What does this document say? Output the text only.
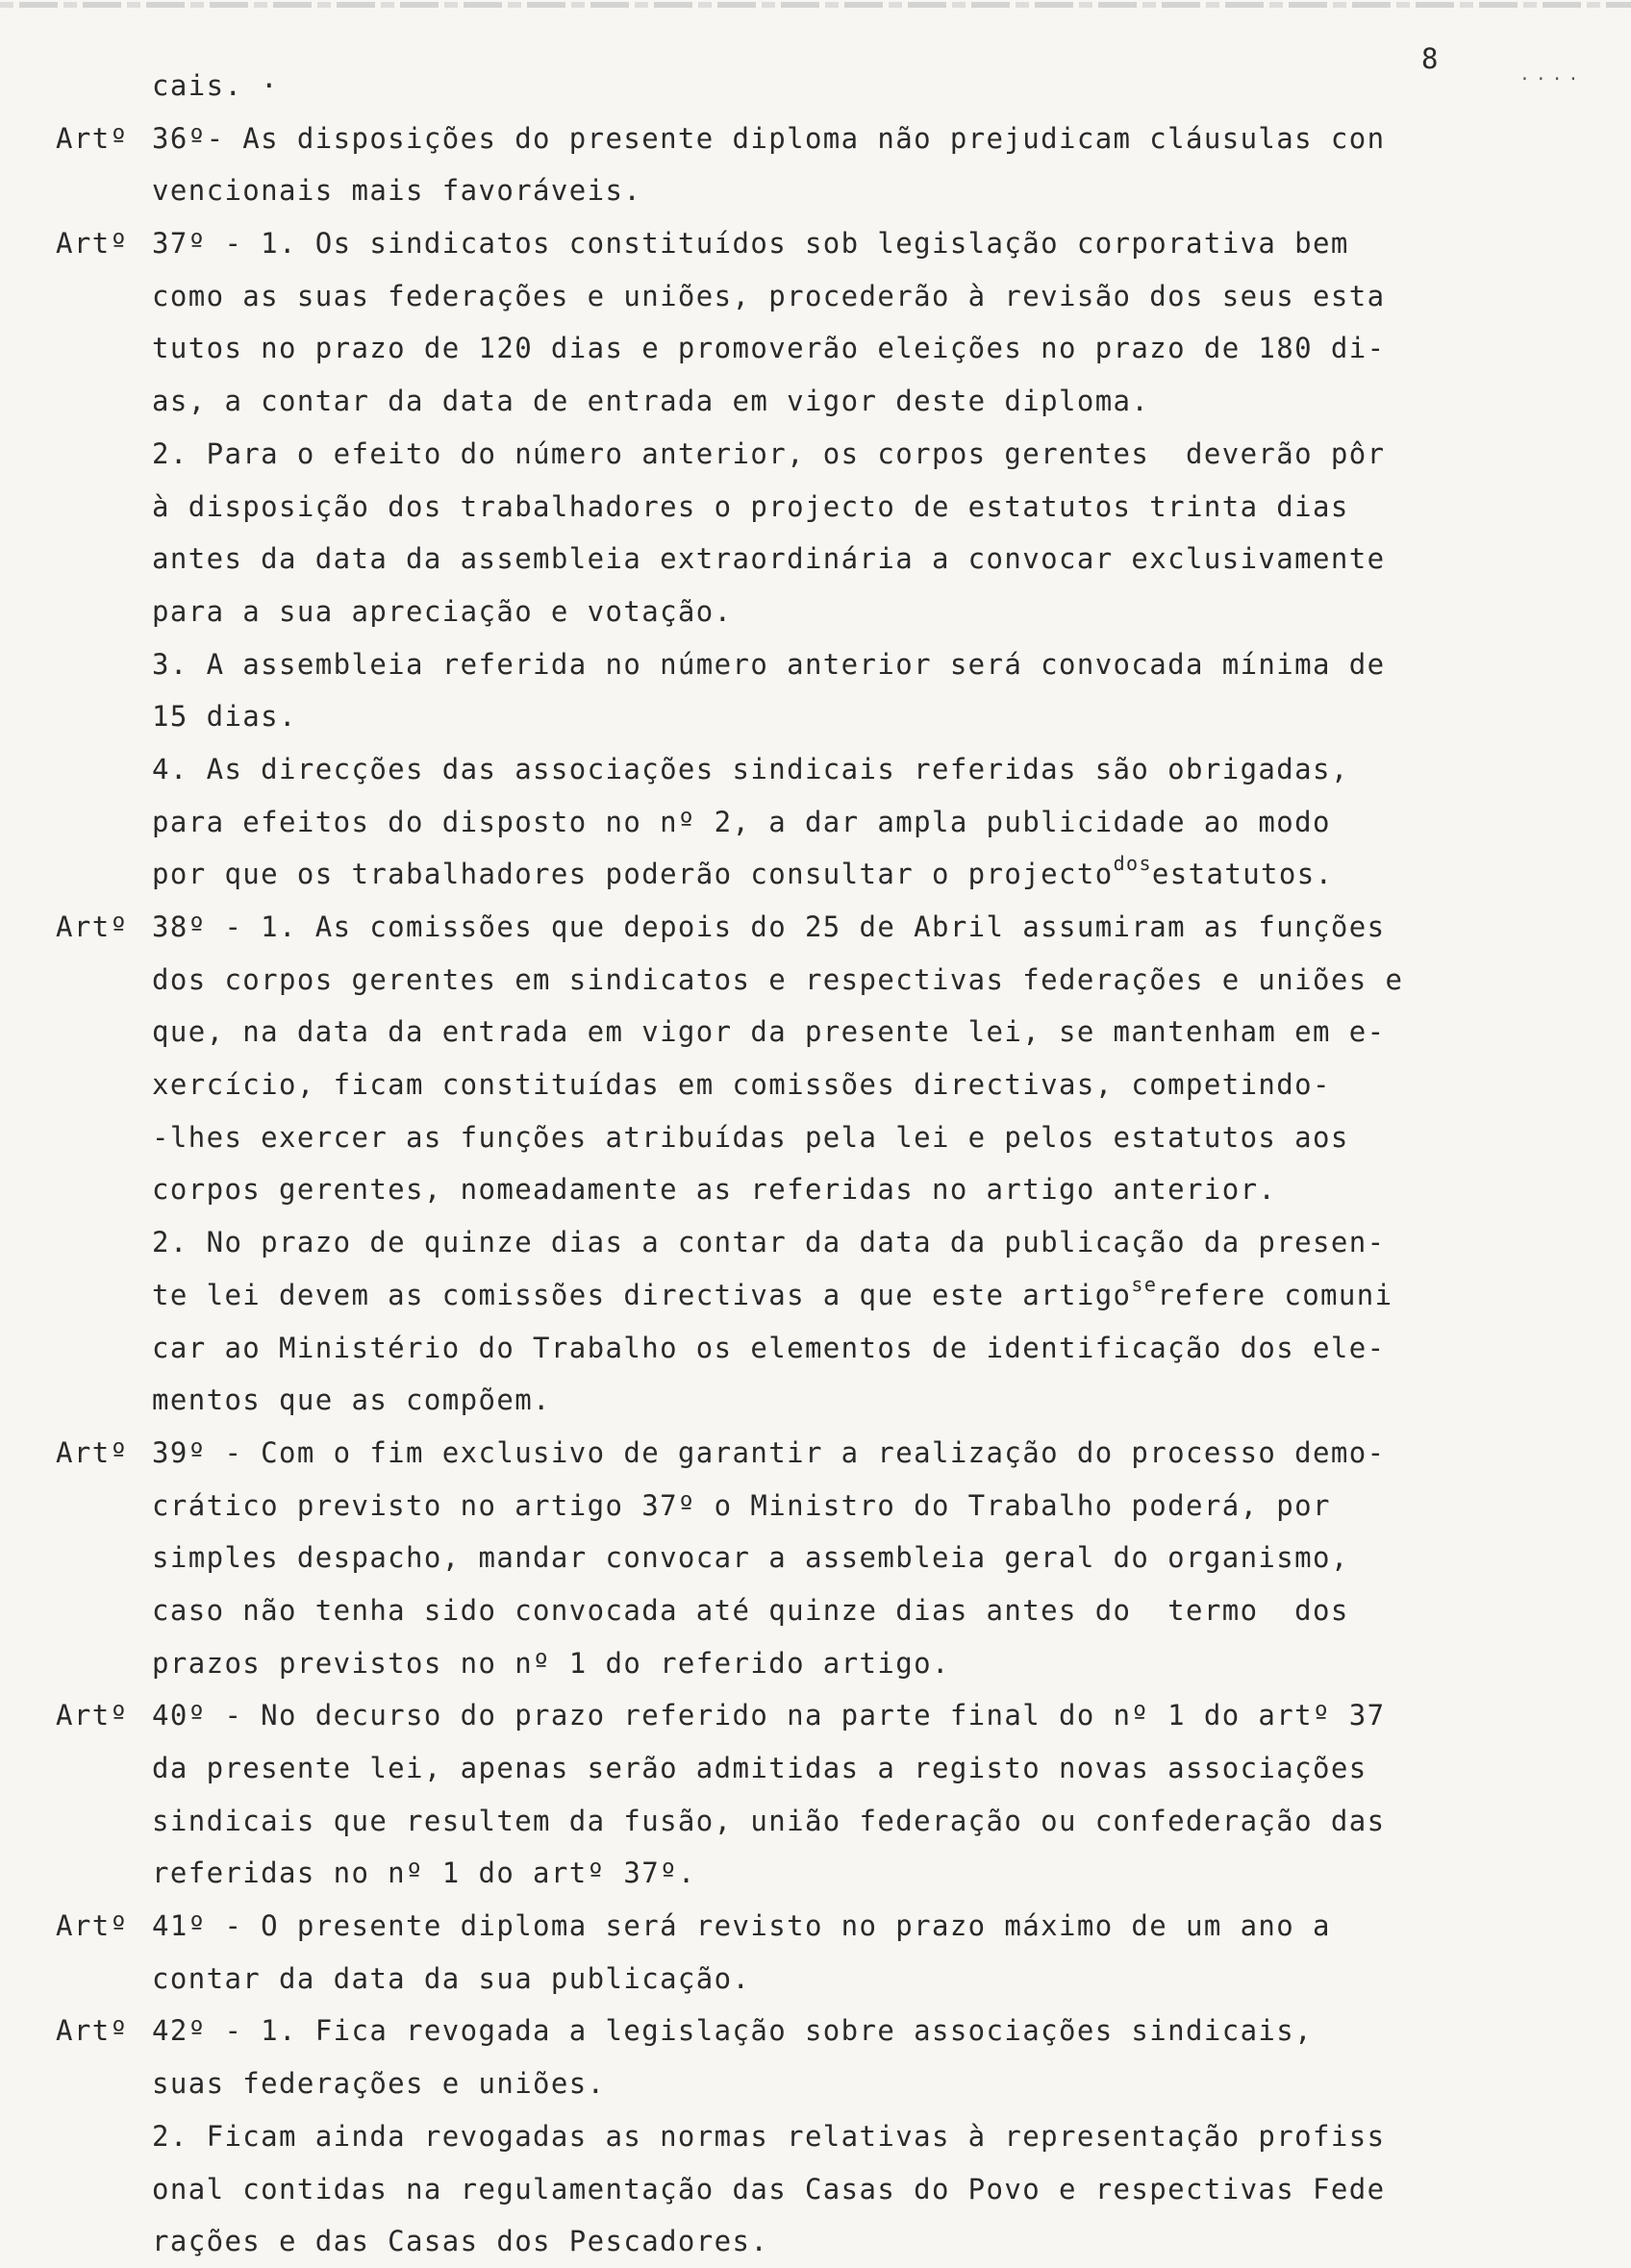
8
····
cais. ·
Artº 36º- As disposições do presente diploma não prejudicam cláusulas con
vencionais mais favoráveis.
Artº 37º - 1. Os sindicatos constituídos sob legislação corporativa bem
como as suas federações e uniões, procederão à revisão dos seus esta
tutos no prazo de 120 dias e promoverão eleições no prazo de 180 di-
as, a contar da data de entrada em vigor deste diploma.
2. Para o efeito do número anterior, os corpos gerentes  deverão pôr
à disposição dos trabalhadores o projecto de estatutos trinta dias
antes da data da assembleia extraordinária a convocar exclusivamente
para a sua apreciação e votação.
3. A assembleia referida no número anterior será convocada mínima de
15 dias.
4. As direcções das associações sindicais referidas são obrigadas,
para efeitos do disposto no nº 2, a dar ampla publicidade ao modo
por que os trabalhadores poderão consultar o projecto$^{dos}$estatutos.
Artº 38º - 1. As comissões que depois do 25 de Abril assumiram as funções
dos corpos gerentes em sindicatos e respectivas federações e uniões e
que, na data da entrada em vigor da presente lei, se mantenham em e-
xercício, ficam constituídas em comissões directivas, competindo-
-lhes exercer as funções atribuídas pela lei e pelos estatutos aos
corpos gerentes, nomeadamente as referidas no artigo anterior.
2. No prazo de quinze dias a contar da data da publicação da presen-
te lei devem as comissões directivas a que este artigo$^{se}$refere comuni
car ao Ministério do Trabalho os elementos de identificação dos ele-
mentos que as compõem.
Artº 39º - Com o fim exclusivo de garantir a realização do processo demo-
crático previsto no artigo 37º o Ministro do Trabalho poderá, por
simples despacho, mandar convocar a assembleia geral do organismo,
caso não tenha sido convocada até quinze dias antes do  termo  dos
prazos previstos no nº 1 do referido artigo.
Artº 40º - No decurso do prazo referido na parte final do nº 1 do artº 37
da presente lei, apenas serão admitidas a registo novas associações
sindicais que resultem da fusão, união federação ou confederação das
referidas no nº 1 do artº 37º.
Artº 41º - O presente diploma será revisto no prazo máximo de um ano a
contar da data da sua publicação.
Artº 42º - 1. Fica revogada a legislação sobre associações sindicais,
suas federações e uniões.
2. Ficam ainda revogadas as normas relativas à representação profiss
onal contidas na regulamentação das Casas do Povo e respectivas Fede
rações e das Casas dos Pescadores.
